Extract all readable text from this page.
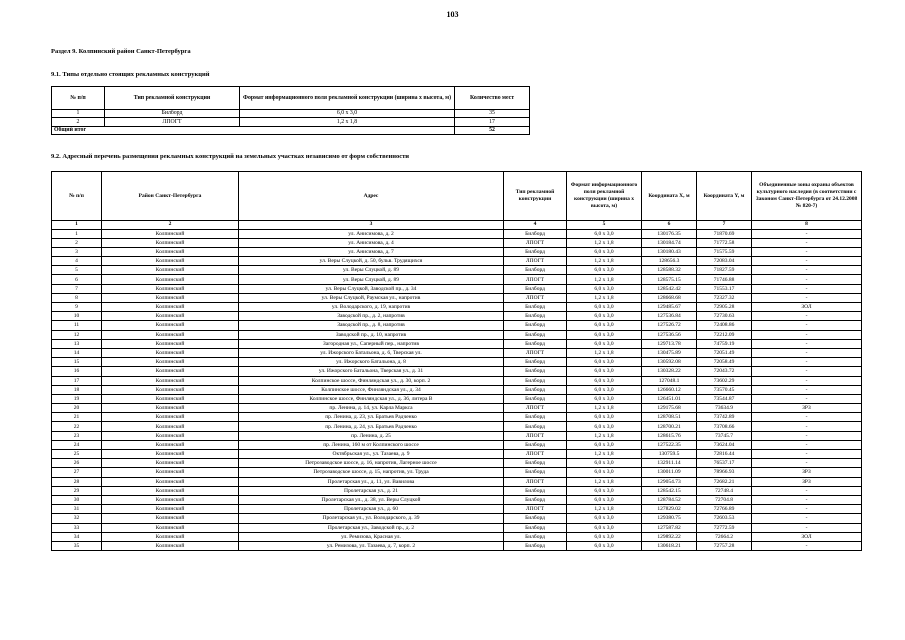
103
Раздел 9. Колпинский район Санкт-Петербурга
9.1. Типы отдельно стоящих рекламных конструкций
№ п/п	Тип рекламной конструкции	Формат информационного поля рекламной конструкции (ширина х высота, м)	Количество мест
1	Билборд	6,0 х 3,0	35
2	ЛПОГТ	1,2 х 1,8	17
Общий итог			52
9.2. Адресный перечень размещения рекламных конструкций на земельных участках независимо от форм собственности
№ п/п	Район Санкт-Петербурга	Адрес	Тип рекламной конструкции	Формат информационного поля рекламной конструкции (ширина х высота, м)	Координата X, м	Координата Y, м	Объединенные зоны охраны объектов культурного наследия (в соответствии с Законом Санкт-Петербурга от 24.12.2008 № 820-7)
1	2	3	4	5	6	7	8
1	Колпинский	ул. Анисимова, д. 2	Билборд	6,0 х 3,0	130176.35	71870.69	-
2	Колпинский	ул. Анисимова, д. 4	ЛПОГТ	1,2 х 1,8	130184.74	71772.58	-
3	Колпинский	ул. Анисимова, д. 7	Билборд	6,0 х 3,0	130180.43	71575.59	-
4	Колпинский	ул. Веры Слуцкой, д. 50, бульв. Трудящихся	ЛПОГТ	1,2 х 1,8	128656.3	72083.04	-
5	Колпинский	ул. Веры Слуцкой, д. 89	Билборд	6,0 х 3,0	128588.32	71827.59	-
6	Колпинский	ул. Веры Слуцкой, д. 89	ЛПОГТ	1,2 х 1,8	128575.15	71746.88	-
7	Колпинский	ул. Веры Слуцкой, Заводской пр., д. 34	Билборд	6,0 х 3,0	128542.42	71553.17	-
8	Колпинский	ул. Веры Слуцкой, Раумская ул., напротив	ЛПОГТ	1,2 х 1,8	128668.68	72327.32	-
9	Колпинский	ул. Володарского, д. 19, напротив	Билборд	6,0 х 3,0	129485.67	72905.28	ЗОЛ
10	Колпинский	Заводской пр., д. 2, напротив	Билборд	6,0 х 3,0	127536.84	72730.63	-
11	Колпинский	Заводской пр., д. 8, напротив	Билборд	6,0 х 3,0	127526.72	72408.86	-
12	Колпинский	Заводской пр., д. 10, напротив	Билборд	6,0 х 3,0	127536.56	72212.09	-
13	Колпинский	Загородная ул., Саперный пер., напротив	Билборд	6,0 х 3,0	129713.78	74759.19	-
14	Колпинский	ул. Ижорского Батальона, д. 6, Тверская ул.	ЛПОГТ	1,2 х 1,8	130475.89	72051.49	-
15	Колпинский	ул. Ижорского Батальона, д. 8	Билборд	6,0 х 3,0	130592.08	72058.49	-
16	Колпинский	ул. Ижорского Батальона, Тверская ул., д. 31	Билборд	6,0 х 3,0	130328.22	72043.72	-
17	Колпинский	Колпинское шоссе, Финляндская ул., д. 30, корп. 2	Билборд	6,0 х 3,0	127048.1	73602.29	-
18	Колпинский	Колпинское шоссе, Финляндская ул., д. 34	Билборд	6,0 х 3,0	126660.12	73570.45	-
19	Колпинский	Колпинское шоссе, Финляндская ул., д. 36, литера В	Билборд	6,0 х 3,0	126451.01	73544.87	-
20	Колпинский	пр. Ленина, д. 14, ул. Карла Маркса	ЛПОГТ	1,2 х 1,8	129175.68	73634.9	ЗРЗ
21	Колпинский	пр. Ленина, д. 23, ул. Братьев Радченко	Билборд	6,0 х 3,0	128708.51	73742.89	-
22	Колпинский	пр. Ленина, д. 24, ул. Братьев Радченко	Билборд	6,0 х 3,0	128700.21	73708.66	-
23	Колпинский	пр. Ленина, д. 25	ЛПОГТ	1,2 х 1,8	128615.76	73745.7	-
24	Колпинский	пр. Ленина, 160 м от Колпинского шоссе	Билборд	6,0 х 3,0	127522.35	73624.04	-
25	Колпинский	Октябрьская ул., ул. Тазаева, д. 9	ЛПОГТ	1,2 х 1,8	130759.5	72816.44	-
26	Колпинский	Петрозаводское шоссе, д. 16, напротив, Лагерное шоссе	Билборд	6,0 х 3,0	132911.14	76537.17	-
27	Колпинский	Петрозаводское шоссе, д. 15, напротив, ул. Труда	Билборд	6,0 х 3,0	130011.09	78966.93	ЗРЗ
28	Колпинский	Пролетарская ул., д. 11, ул. Вавилова	ЛПОГТ	1,2 х 1,8	129054.73	72682.21	ЗРЗ
29	Колпинский	Пролетарская ул., д. 21	Билборд	6,0 х 3,0	128542.15	72748.4	-
30	Колпинский	Пролетарская ул., д. 38, ул. Веры Слуцкой	Билборд	6,0 х 3,0	128784.52	72704.8	-
31	Колпинский	Пролетарская ул., д. 60	ЛПОГТ	1,2 х 1,8	127829.02	72766.89	-
32	Колпинский	Пролетарская ул., ул. Володарского, д. 39	Билборд	6,0 х 3,0	129380.75	72603.53	-
33	Колпинский	Пролетарская ул., Заводской пр., д. 2	Билборд	6,0 х 3,0	127587.82	72772.59	-
34	Колпинский	ул. Ремизова, Красная ул.	Билборд	6,0 х 3,0	129892.22	72664.2	ЗОЛ
35	Колпинский	ул. Ремизова, ул. Тазаева, д. 7, корп. 2	Билборд	6,0 х 3,0	130618.21	72757.28	-
